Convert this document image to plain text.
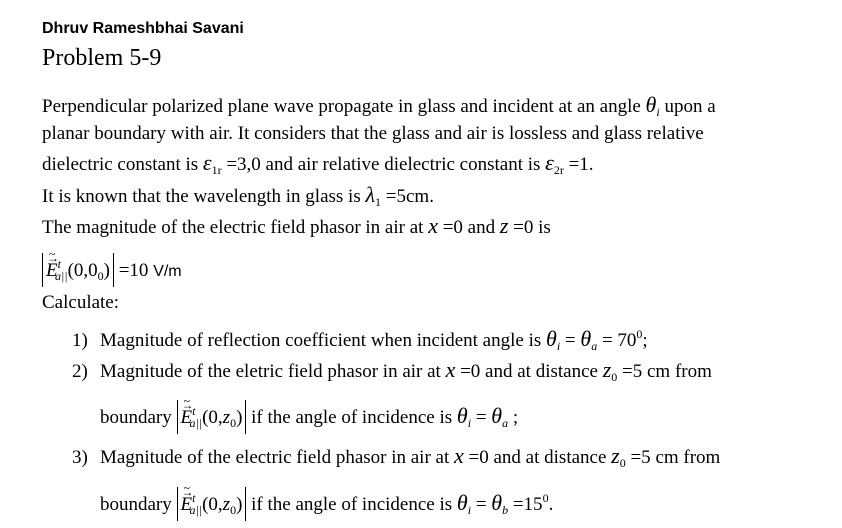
Dhruv Rameshbhai Savani
Problem 5-9
Perpendicular polarized plane wave propagate in glass and incident at an angle $\theta_i$ upon a
planar boundary with air. It considers that the glass and air is lossless and glass relative
dielectric constant is $\varepsilon_{1r} =3,0$ and air relative dielectric constant is $\varepsilon_{2r} =1$.
It is known that the wavelength in glass is $\lambda_1 =5cm$.
The magnitude of the electric field phasor in air at x =0 and z =0 is
→ E $\sim^t_{a||}(0,0_0) =10$ V/m
Calculate:
1) Magnitude of reflection coefficient when incident angle is $\theta_i = \theta_a = 70^0$;
2) Magnitude of the eletric field phasor in air at x =0 and at distance $z_0 =5$ cm from
boundary → E $\sim^t_{a||}(0,z_0)$ if the angle of incidence is $\theta_i = \theta_a$ ;
3) Magnitude of the electric field phasor in air at x =0 and at distance $z_0 =5$ cm from
boundary → E $\sim^t_{a||}(0,z_0)$ if the angle of incidence is $\theta_i = \theta_b =15^0$.
